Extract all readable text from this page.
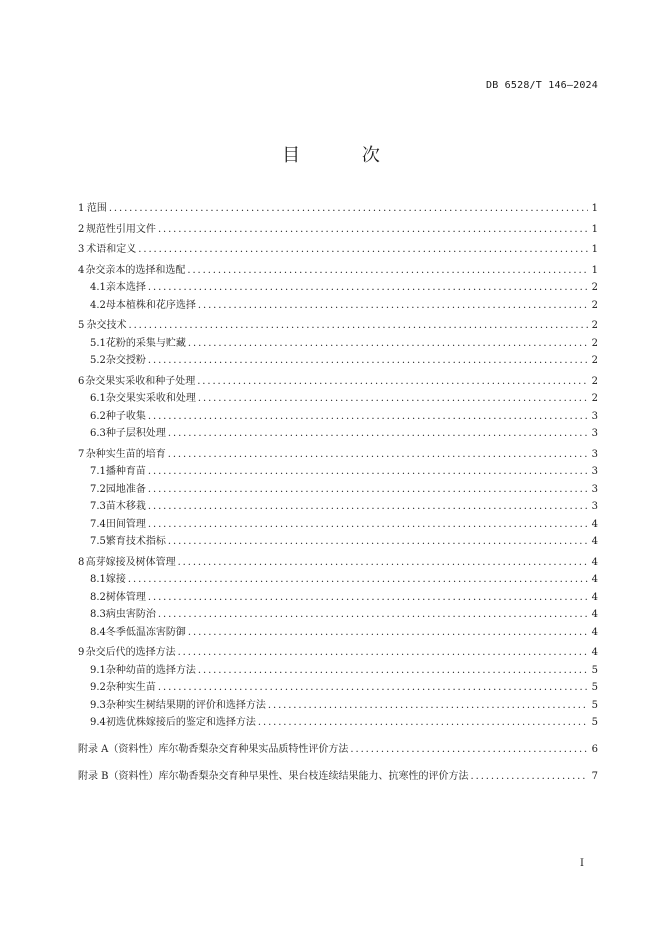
DB 6528/T 146—2024
目 次
1 范围 .....	1
2 规范性引用文件 .....	1
3 术语和定义 .....	1
4 杂交亲本的选择和选配 .....	1
4.1 亲本选择 .....	2
4.2 母本植株和花序选择 .....	2
5 杂交技术 .....	2
5.1 花粉的采集与贮藏 .....	2
5.2 杂交授粉 .....	2
6 杂交果实采收和种子处理 .....	2
6.1 杂交果实采收和处理 .....	2
6.2 种子收集 .....	3
6.3 种子层积处理 .....	3
7 杂种实生苗的培育 .....	3
7.1 播种育苗 .....	3
7.2 园地准备 .....	3
7.3 苗木移栽 .....	3
7.4 田间管理 .....	4
7.5 繁育技术指标 .....	4
8 高芽嫁接及树体管理 .....	4
8.1 嫁接 .....	4
8.2 树体管理 .....	4
8.3 病虫害防治 .....	4
8.4 冬季低温冻害防御 .....	4
9 杂交后代的选择方法 .....	4
9.1 杂种幼苗的选择方法 .....	5
9.2 杂种实生苗 .....	5
9.3 杂种实生树结果期的评价和选择方法 .....	5
9.4 初选优株嫁接后的鉴定和选择方法 .....	5
附录 A（资料性） 库尔勒香梨杂交育种果实品质特性评价方法 .....	6
附录 B（资料性） 库尔勒香梨杂交育种早果性、果台枝连续结果能力、抗寒性的评价方法 .....	7
I
